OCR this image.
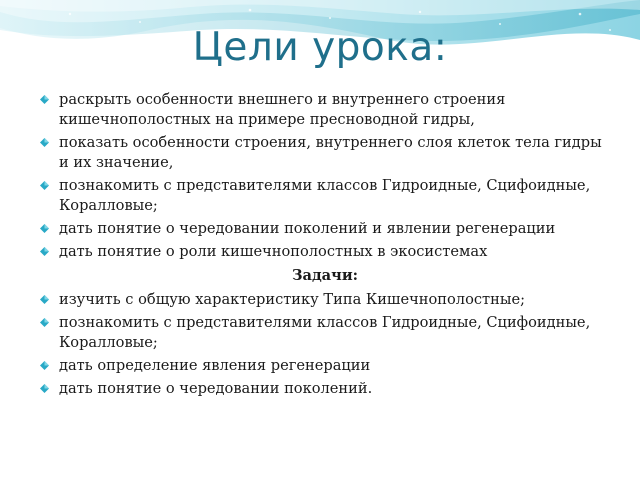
Цели урока:
раскрыть особенности внешнего и внутреннего строения кишечнополостных на примере пресноводной гидры,
показать особенности строения, внутреннего слоя клеток тела гидры и их значение,
познакомить с представителями классов Гидроидные, Сцифоидные, Коралловые;
дать понятие о чередовании поколений и явлении регенерации
дать понятие о роли кишечнополостных в экосистемах
Задачи:
изучить с общую характеристику Типа Кишечнополостные;
познакомить с представителями классов Гидроидные, Сцифоидные, Коралловые;
дать определение явления регенерации
дать понятие о чередовании поколений.
